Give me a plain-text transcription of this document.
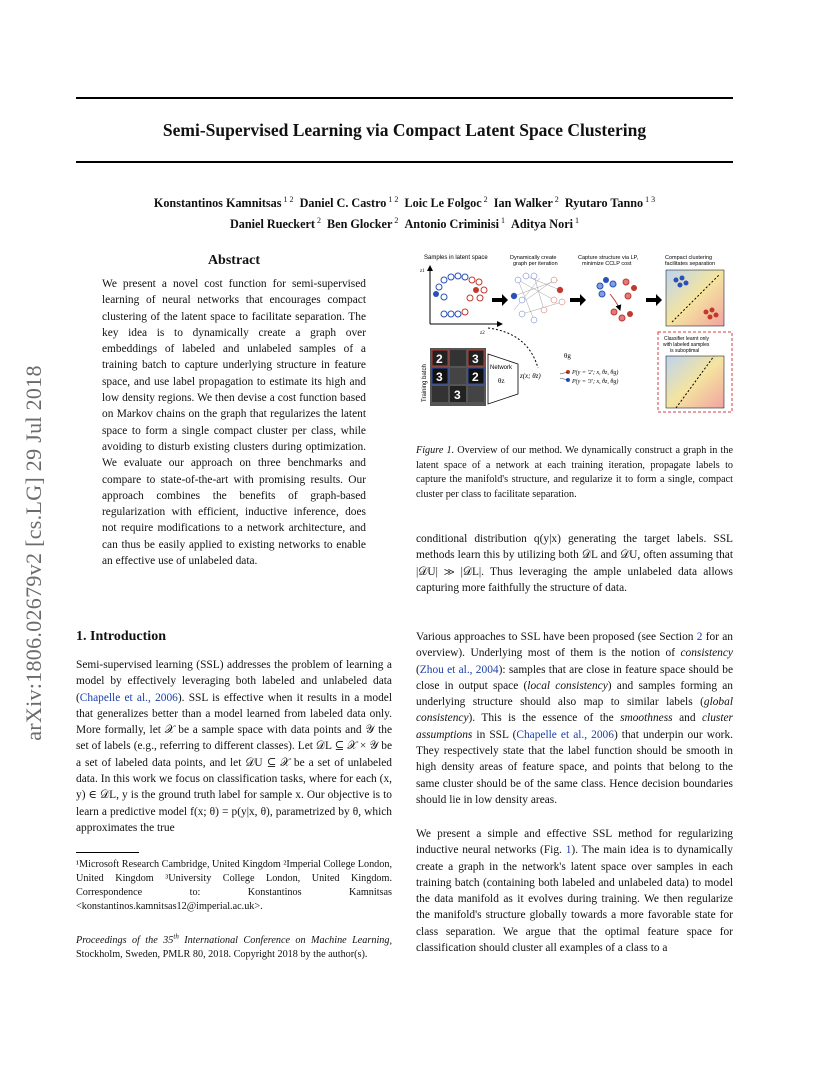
Semi-Supervised Learning via Compact Latent Space Clustering
Konstantinos Kamnitsas $^{1 2}$ Daniel C. Castro $^{1 2}$ Loic Le Folgoc $^2$ Ian Walker $^2$ Ryutaro Tanno $^{1 3}$
Daniel Rueckert $^2$ Ben Glocker $^2$ Antonio Criminisi $^1$ Aditya Nori $^1$
arXiv:1806.02679v2 [cs.LG] 29 Jul 2018
Abstract

We present a novel cost function for semi-supervised learning of neural networks that encourages compact clustering of the latent space to facilitate separation. The key idea is to dynamically create a graph over embeddings of labeled and unlabeled samples of a training batch to capture underlying structure in feature space, and use label propagation to estimate its high and low density regions. We then devise a cost function based on Markov chains on the graph that regularizes the latent space to form a single compact cluster per class, while avoiding to disturb existing clusters during optimization. We evaluate our approach on three benchmarks and compare to state-of-the-art with promising results. Our approach combines the benefits of graph-based regularization with efficient, inductive inference, does not require modifications to a network architecture, and can thus be easily applied to existing networks to enable an effective use of unlabeled data.

1. Introduction

Semi-supervised learning (SSL) addresses the problem of learning a model by effectively leveraging both labeled and unlabeled data (Chapelle et al., 2006). SSL is effective when it results in a model that generalizes better than a model learned from labeled data only. More formally, let 𝒳 be a sample space with data points and 𝒴 the set of labels (e.g., referring to different classes). Let 𝒟L ⊆ 𝒳 × 𝒴 be a set of labeled data points, and let 𝒟U ⊆ 𝒳 be a set of unlabeled data. In this work we focus on classification tasks, where for each (x, y) ∈ 𝒟L, y is the ground truth label for sample x. Our objective is to learn a predictive model f(x; θ) = p(y|x, θ), parametrized by θ, which approximates the true

¹Microsoft Research Cambridge, United Kingdom ²Imperial College London, United Kingdom ³University College London, United Kingdom. Correspondence to: Konstantinos Kamnitsas <konstantinos.kamnitsas12@imperial.ac.uk>.
Proceedings of the 35th International Conference on Machine Learning, Stockholm, Sweden, PMLR 80, 2018. Copyright 2018 by the author(s).
Samples in latent space	Dynamically create graph per iteration
Capture structure via LP, minimize CCLP cost
Compact clustering facilitates separation
z1
z2
Classifier learnt only with labeled samples is suboptimal
Training batch
2 3
3 2
3
Network
θz
z(x; θz)
θg
P(y = '2'; x, θz, θg)
P(y = '3'; x, θz, θg)
Figure 1. Overview of our method. We dynamically construct a graph in the latent space of a network at each training iteration, propagate labels to capture the manifold's structure, and regularize it to form a single, compact cluster per class to facilitate separation.

conditional distribution q(y|x) generating the target labels. SSL methods learn this by utilizing both 𝒟L and 𝒟U, often assuming that |𝒟U| ≫ |𝒟L|. Thus leveraging the ample unlabeled data allows capturing more faithfully the structure of data.

Various approaches to SSL have been proposed (see Section 2 for an overview). Underlying most of them is the notion of consistency (Zhou et al., 2004): samples that are close in feature space should be close in output space (local consistency) and samples forming an underlying structure should also map to similar labels (global consistency). This is the essence of the smoothness and cluster assumptions in SSL (Chapelle et al., 2006) that underpin our work. They respectively state that the label function should be smooth in high density areas of feature space, and points that belong to the same cluster should be of the same class. Hence decision boundaries should lie in low density areas.

We present a simple and effective SSL method for regularizing inductive neural networks (Fig. 1). The main idea is to dynamically create a graph in the network's latent space over samples in each training batch (containing both labeled and unlabeled data) to model the data manifold as it evolves during training. We then regularize the manifold's structure globally towards a more favorable state for class separation. We argue that the optimal feature space for classification should cluster all examples of a class to a
